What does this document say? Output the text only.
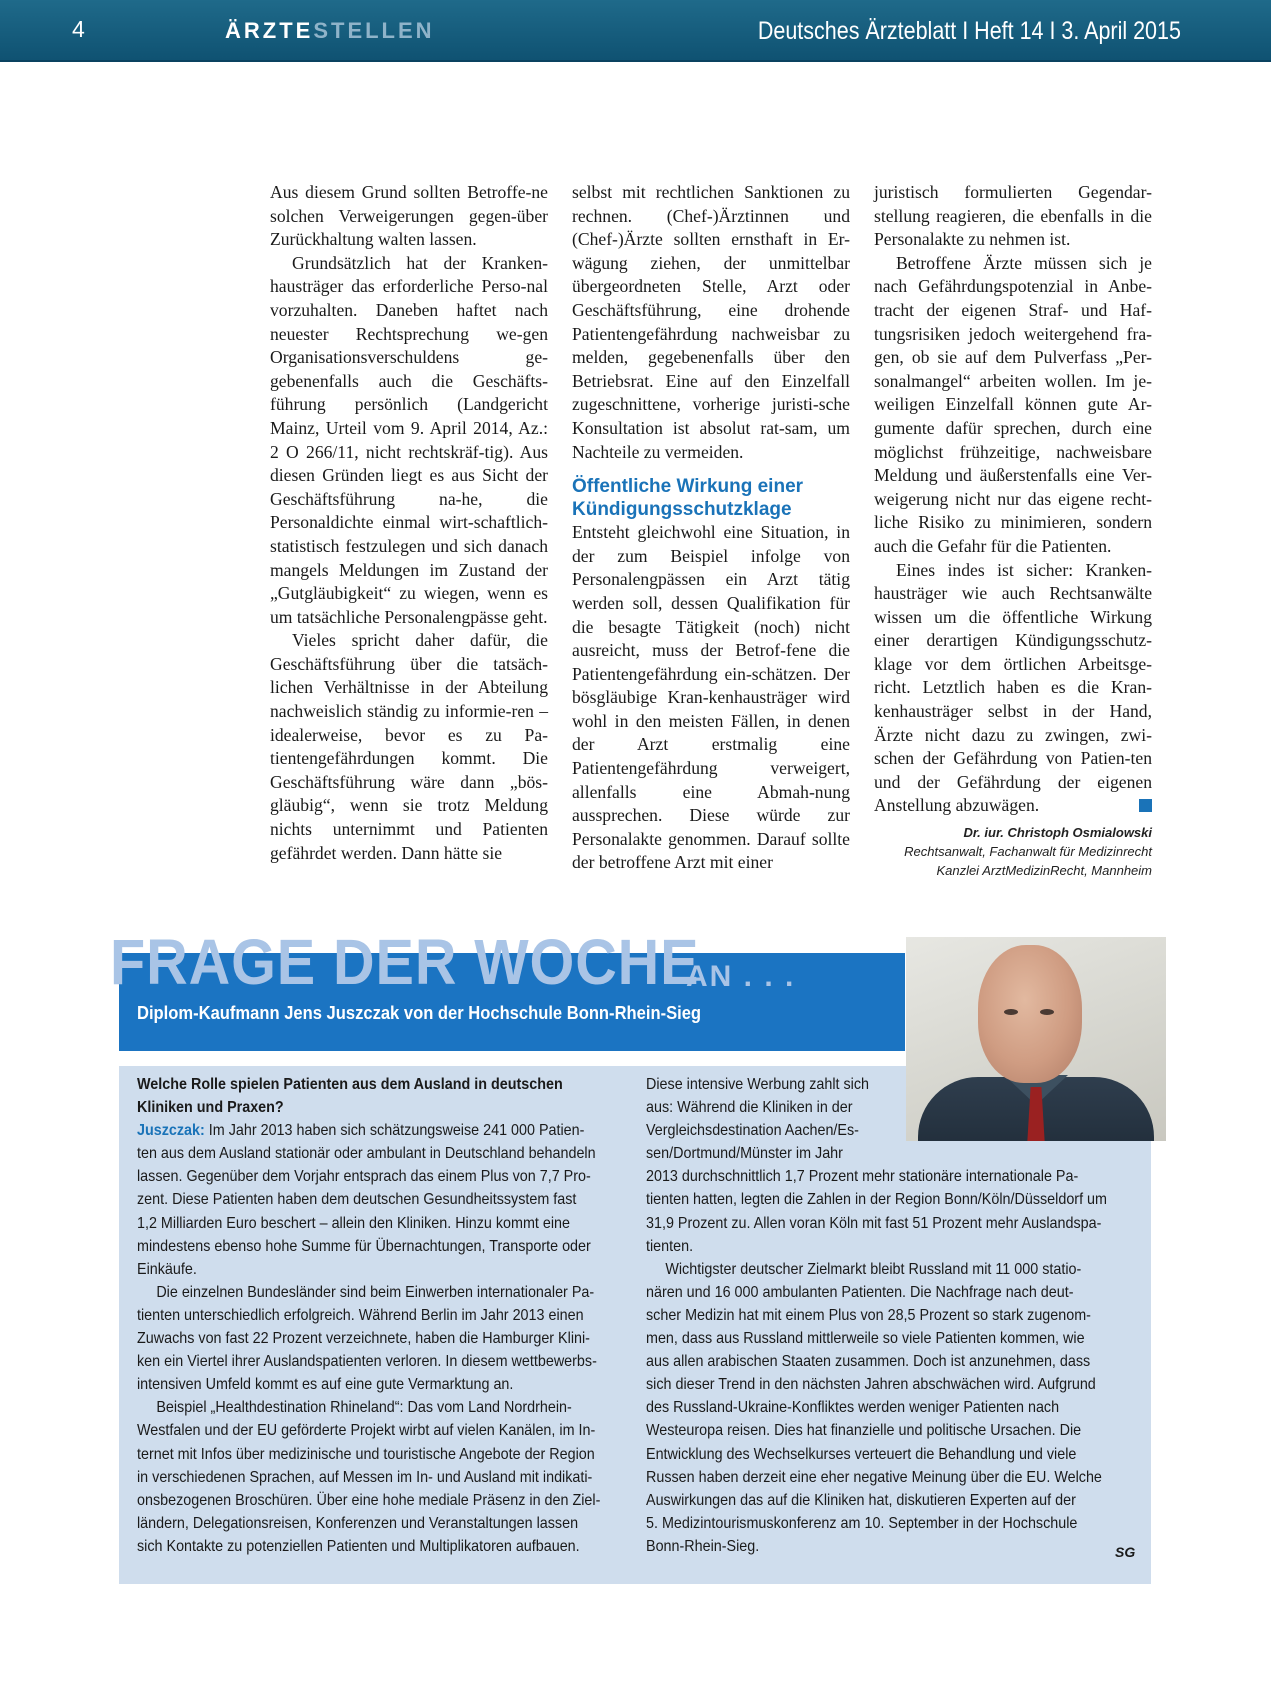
4	ÄRZTESTELLEN	Deutsches Ärzteblatt I Heft 14 I 3. April 2015

Aus diesem Grund sollten Betroffe-ne solchen Verweigerungen gegen-über Zurückhaltung walten lassen.

Grundsätzlich hat der Kranken-hausträger das erforderliche Perso-nal vorzuhalten. Daneben haftet nach neuester Rechtsprechung we-gen Organisationsverschuldens ge-gebenenfalls auch die Geschäfts-führung persönlich (Landgericht Mainz, Urteil vom 9. April 2014, Az.: 2 O 266/11, nicht rechtskräf-tig). Aus diesen Gründen liegt es aus Sicht der Geschäftsführung na-he, die Personaldichte einmal wirt-schaftlich-statistisch festzulegen und sich danach mangels Meldungen im Zustand der „Gutgläubigkeit“ zu wiegen, wenn es um tatsächliche Personalengpässe geht.

Vieles spricht daher dafür, die Geschäftsführung über die tatsäch-lichen Verhältnisse in der Abteilung nachweislich ständig zu informie-ren – idealerweise, bevor es zu Pa-tientengefährdungen kommt. Die Geschäftsführung wäre dann „bös-gläubig“, wenn sie trotz Meldung nichts unternimmt und Patienten gefährdet werden. Dann hätte sie

selbst mit rechtlichen Sanktionen zu rechnen. (Chef-)Ärztinnen und (Chef-)Ärzte sollten ernsthaft in Er-wägung ziehen, der unmittelbar übergeordneten Stelle, Arzt oder Geschäftsführung, eine drohende Patientengefährdung nachweisbar zu melden, gegebenenfalls über den Betriebsrat. Eine auf den Einzelfall zugeschnittene, vorherige juristi-sche Konsultation ist absolut rat-sam, um Nachteile zu vermeiden.

Öffentliche Wirkung einer Kündigungsschutzklage

Entsteht gleichwohl eine Situation, in der zum Beispiel infolge von Personalengpässen ein Arzt tätig werden soll, dessen Qualifikation für die besagte Tätigkeit (noch) nicht ausreicht, muss der Betrof-fene die Patientengefährdung ein-schätzen. Der bösgläubige Kran-kenhausträger wird wohl in den meisten Fällen, in denen der Arzt erstmalig eine Patientengefährdung verweigert, allenfalls eine Abmah-nung aussprechen. Diese würde zur Personalakte genommen. Darauf sollte der betroffene Arzt mit einer

juristisch formulierten Gegendar-stellung reagieren, die ebenfalls in die Personalakte zu nehmen ist.

Betroffene Ärzte müssen sich je nach Gefährdungspotenzial in Anbe-tracht der eigenen Straf- und Haf-tungsrisiken jedoch weitergehend fra-gen, ob sie auf dem Pulverfass „Per-sonalmangel“ arbeiten wollen. Im je-weiligen Einzelfall können gute Ar-gumente dafür sprechen, durch eine möglichst frühzeitige, nachweisbare Meldung und äußerstenfalls eine Ver-weigerung nicht nur das eigene recht-liche Risiko zu minimieren, sondern auch die Gefahr für die Patienten.

Eines indes ist sicher: Kranken-hausträger wie auch Rechtsanwälte wissen um die öffentliche Wirkung einer derartigen Kündigungsschutz-klage vor dem örtlichen Arbeitsge-richt. Letztlich haben es die Kran-kenhausträger selbst in der Hand, Ärzte nicht dazu zu zwingen, zwi-schen der Gefährdung von Patien-ten und der Gefährdung der eigenen Anstellung abzuwägen.

Dr. iur. Christoph Osmialowski
Rechtsanwalt, Fachanwalt für Medizinrecht
Kanzlei ArztMedizinRecht, Mannheim
FRAGE DER WOCHE
AN . . .
Diplom-Kaufmann Jens Juszczak von der Hochschule Bonn-Rhein-Sieg
Welche Rolle spielen Patienten aus dem Ausland in deutschen
Kliniken und Praxen?
Juszczak: Im Jahr 2013 haben sich schätzungsweise 241 000 Patien-
ten aus dem Ausland stationär oder ambulant in Deutschland behandeln
lassen. Gegenüber dem Vorjahr entsprach das einem Plus von 7,7 Pro-
zent. Diese Patienten haben dem deutschen Gesundheitssystem fast
1,2 Milliarden Euro beschert – allein den Kliniken. Hinzu kommt eine
mindestens ebenso hohe Summe für Übernachtungen, Transporte oder
Einkäufe.
Die einzelnen Bundesländer sind beim Einwerben internationaler Pa-
tienten unterschiedlich erfolgreich. Während Berlin im Jahr 2013 einen
Zuwachs von fast 22 Prozent verzeichnete, haben die Hamburger Klini-
ken ein Viertel ihrer Auslandspatienten verloren. In diesem wettbewerbs-
intensiven Umfeld kommt es auf eine gute Vermarktung an.
Beispiel „Healthdestination Rhineland“: Das vom Land Nordrhein-
Westfalen und der EU geförderte Projekt wirbt auf vielen Kanälen, im In-
ternet mit Infos über medizinische und touristische Angebote der Region
in verschiedenen Sprachen, auf Messen im In- und Ausland mit indikati-
onsbezogenen Broschüren. Über eine hohe mediale Präsenz in den Ziel-
ländern, Delegationsreisen, Konferenzen und Veranstaltungen lassen
sich Kontakte zu potenziellen Patienten und Multiplikatoren aufbauen.
Diese intensive Werbung zahlt sich
aus: Während die Kliniken in der
Vergleichsdestination Aachen/Es-
sen/Dortmund/Münster im Jahr
2013 durchschnittlich 1,7 Prozent mehr stationäre internationale Pa-
tienten hatten, legten die Zahlen in der Region Bonn/Köln/Düsseldorf um
31,9 Prozent zu. Allen voran Köln mit fast 51 Prozent mehr Auslandspa-
tienten.
Wichtigster deutscher Zielmarkt bleibt Russland mit 11 000 statio-
nären und 16 000 ambulanten Patienten. Die Nachfrage nach deut-
scher Medizin hat mit einem Plus von 28,5 Prozent so stark zugenom-
men, dass aus Russland mittlerweile so viele Patienten kommen, wie
aus allen arabischen Staaten zusammen. Doch ist anzunehmen, dass
sich dieser Trend in den nächsten Jahren abschwächen wird. Aufgrund
des Russland-Ukraine-Konfliktes werden weniger Patienten nach
Westeuropa reisen. Dies hat finanzielle und politische Ursachen. Die
Entwicklung des Wechselkurses verteuert die Behandlung und viele
Russen haben derzeit eine eher negative Meinung über die EU. Welche
Auswirkungen das auf die Kliniken hat, diskutieren Experten auf der
5. Medizintourismuskonferenz am 10. September in der Hochschule
Bonn-Rhein-Sieg.	SG
